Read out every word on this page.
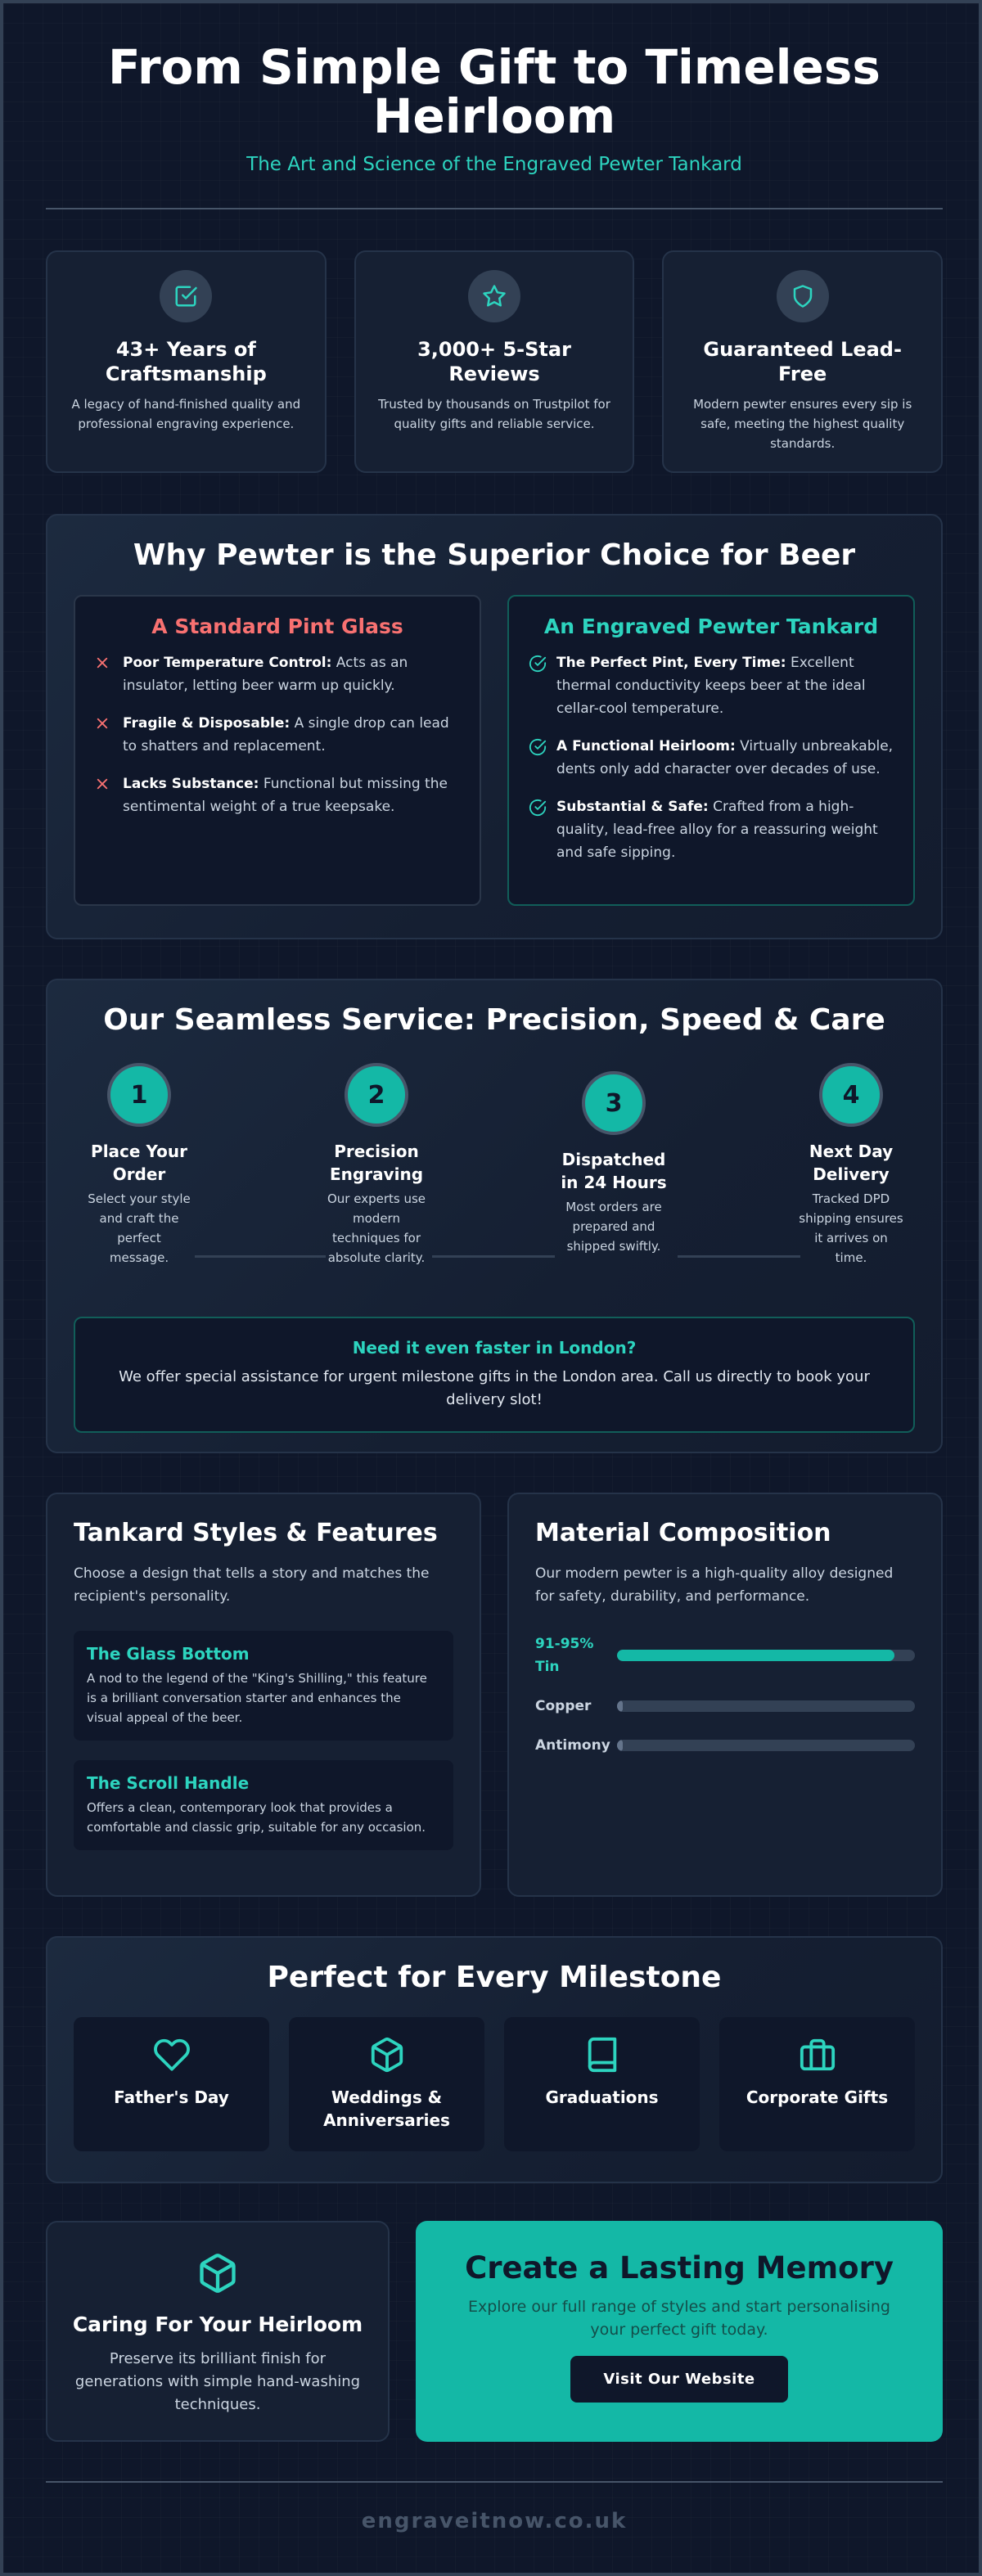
From Simple Gift to Timeless Heirloom
The Art and Science of the Engraved Pewter Tankard
43+ Years of Craftsmanship

A legacy of hand-finished quality and professional engraving experience.

3,000+ 5-Star Reviews

Trusted by thousands on Trustpilot for quality gifts and reliable service.

Guaranteed Lead-Free

Modern pewter ensures every sip is safe, meeting the highest quality standards.

Why Pewter is the Superior Choice for Beer
A Standard Pint Glass
Poor Temperature Control: Acts as an insulator, letting beer warm up quickly.
Fragile & Disposable: A single drop can lead to shatters and replacement.
Lacks Substance: Functional but missing the sentimental weight of a true keepsake.
An Engraved Pewter Tankard
The Perfect Pint, Every Time: Excellent thermal conductivity keeps beer at the ideal cellar-cool temperature.
A Functional Heirloom: Virtually unbreakable, dents only add character over decades of use.
Substantial & Safe: Crafted from a high-quality, lead-free alloy for a reassuring weight and safe sipping.
Our Seamless Service: Precision, Speed & Care
1
Place Your Order

Select your style and craft the perfect message.

2
Precision Engraving

Our experts use modern techniques for absolute clarity.

3
Dispatched in 24 Hours

Most orders are prepared and shipped swiftly.

4
Next Day Delivery

Tracked DPD shipping ensures it arrives on time.

Need it even faster in London?

We offer special assistance for urgent milestone gifts in the London area. Call us directly to book your delivery slot!

Tankard Styles & Features

Choose a design that tells a story and matches the recipient's personality.

The Glass Bottom

A nod to the legend of the "King's Shilling," this feature is a brilliant conversation starter and enhances the visual appeal of the beer.

The Scroll Handle

Offers a clean, contemporary look that provides a comfortable and classic grip, suitable for any occasion.

Material Composition

Our modern pewter is a high-quality alloy designed for safety, durability, and performance.

91-95% Tin
Copper
Antimony
Perfect for Every Milestone
Father's Day	Weddings & Anniversaries
Graduations	Corporate Gifts
Caring For Your Heirloom

Preserve its brilliant finish for generations with simple hand-washing techniques.

Create a Lasting Memory

Explore our full range of styles and start personalising your perfect gift today.

Visit Our Website
engraveitnow.co.uk
